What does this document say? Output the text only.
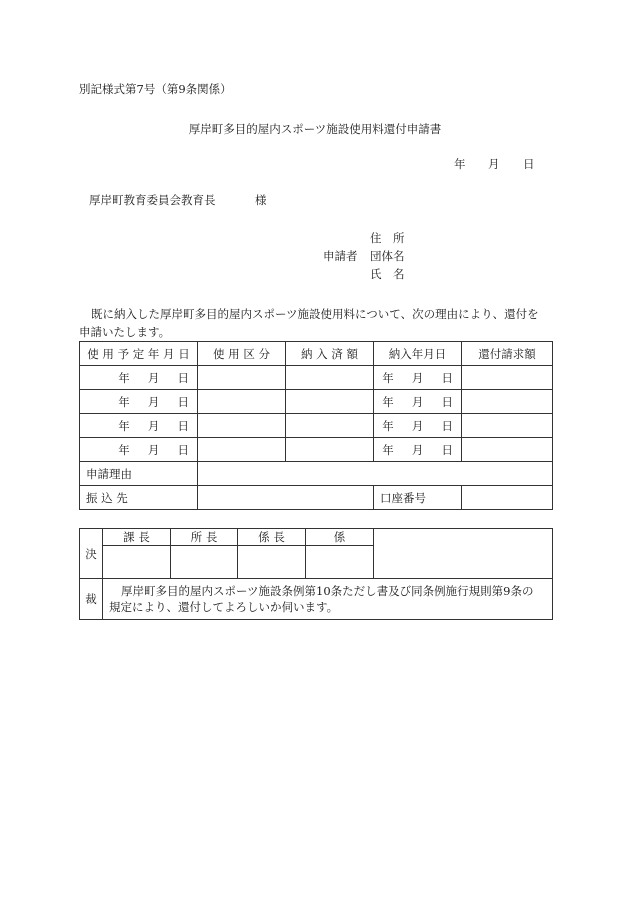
別記様式第7号（第9条関係）
厚岸町多目的屋内スポーツ施設使用料還付申請書
年 月 日
厚岸町教育委員会教育長	様
住　所
申請者 団体名
氏　名
既に納入した厚岸町多目的屋内スポーツ施設使用料について、次の理由により、還付を
申請いたします。
使 用 予 定 年 月 日	使 用 区 分	納 入 済 額	納入年月日	還付請求額
年　 月　 日			年　 月　 日	
年　 月　 日			年　 月　 日	
年　 月　 日			年　 月　 日	
年　 月　 日			年　 月　 日	
申請理由				
振 込 先			口座番号	
決	課 長	所 長	係 長	係	

裁	厚岸町多目的屋内スポーツ施設条例第10条ただし書及び同条例施行規則第9条の
規定により、還付してよろしいか伺います。				
